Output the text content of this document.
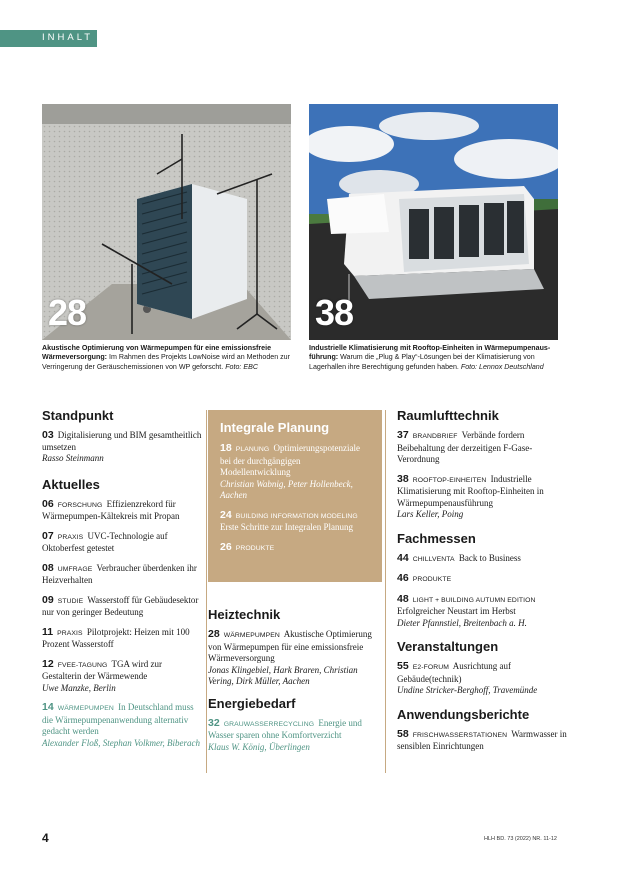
INHALT
28	38
Akustische Optimierung von Wärmepumpen für eine emissionsfreie Wärmeversorgung: Im Rahmen des Projekts LowNoise wird an Methoden zur Verringerung der Geräuschemissionen von WP geforscht. Foto: EBC
Industrielle Klimatisierung mit Rooftop-Einheiten in Wärmepumpenausführung: Warum die „Plug & Play“-Lösungen bei der Klimatisierung von Lagerhallen ihre Berechtigung gefunden haben. Foto: Lennox Deutschland
Standpunkt
03 Digitalisierung und BIM gesamtheitlich umsetzen
Rasso Steinmann
Aktuelles
06 FORSCHUNG Effizienzrekord für Wärmepumpen-Kältekreis mit Propan
07 PRAXIS UVC-Technologie auf Oktoberfest getestet
08 UMFRAGE Verbraucher überdenken ihr Heizverhalten
09 STUDIE Wasserstoff für Gebäudesektor nur von geringer Bedeutung
11 PRAXIS Pilotprojekt: Heizen mit 100 Prozent Wasserstoff
12 FVEE-TAGUNG TGA wird zur Gestalterin der Wärmewende
Uwe Manzke, Berlin
14 WÄRMEPUMPEN In Deutschland muss die Wärmepumpenanwendung alternativ gedacht werden
Alexander Floß, Stephan Volkmer, Biberach
Integrale Planung
18 PLANUNG Optimierungspotenziale bei der durchgängigen Modellentwicklung
Christian Wabnig, Peter Hollenbeck, Aachen
24 BUILDING INFORMATION MODELING Erste Schritte zur Integralen Planung
26 PRODUKTE
Heiztechnik
28 WÄRMEPUMPEN Akustische Optimierung von Wärmepumpen für eine emissionsfreie Wärmeversorgung
Jonas Klingebiel, Hark Braren, Christian Vering, Dirk Müller, Aachen
Energiebedarf
32 GRAUWASSERRECYCLING Energie und Wasser sparen ohne Komfortverzicht
Klaus W. König, Überlingen
Raumlufttechnik
37 BRANDBRIEF Verbände fordern Beibehaltung der derzeitigen F-Gase-Verordnung
38 ROOFTOP-EINHEITEN Industrielle Klimatisierung mit Rooftop-Einheiten in Wärmepumpenausführung
Lars Keller, Poing
Fachmessen
44 CHILLVENTA Back to Business
46 PRODUKTE
48 LIGHT + BUILDING AUTUMN EDITION Erfolgreicher Neustart im Herbst
Dieter Pfannstiel, Breitenbach a. H.
Veranstaltungen
55 E2-FORUM Ausrichtung auf Gebäude(technik)
Undine Stricker-Berghoff, Travemünde
Anwendungsberichte
58 FRISCHWASSERSTATIONEN Warmwasser in sensiblen Einrichtungen
4	HLH BD. 73 (2022) NR. 11-12
